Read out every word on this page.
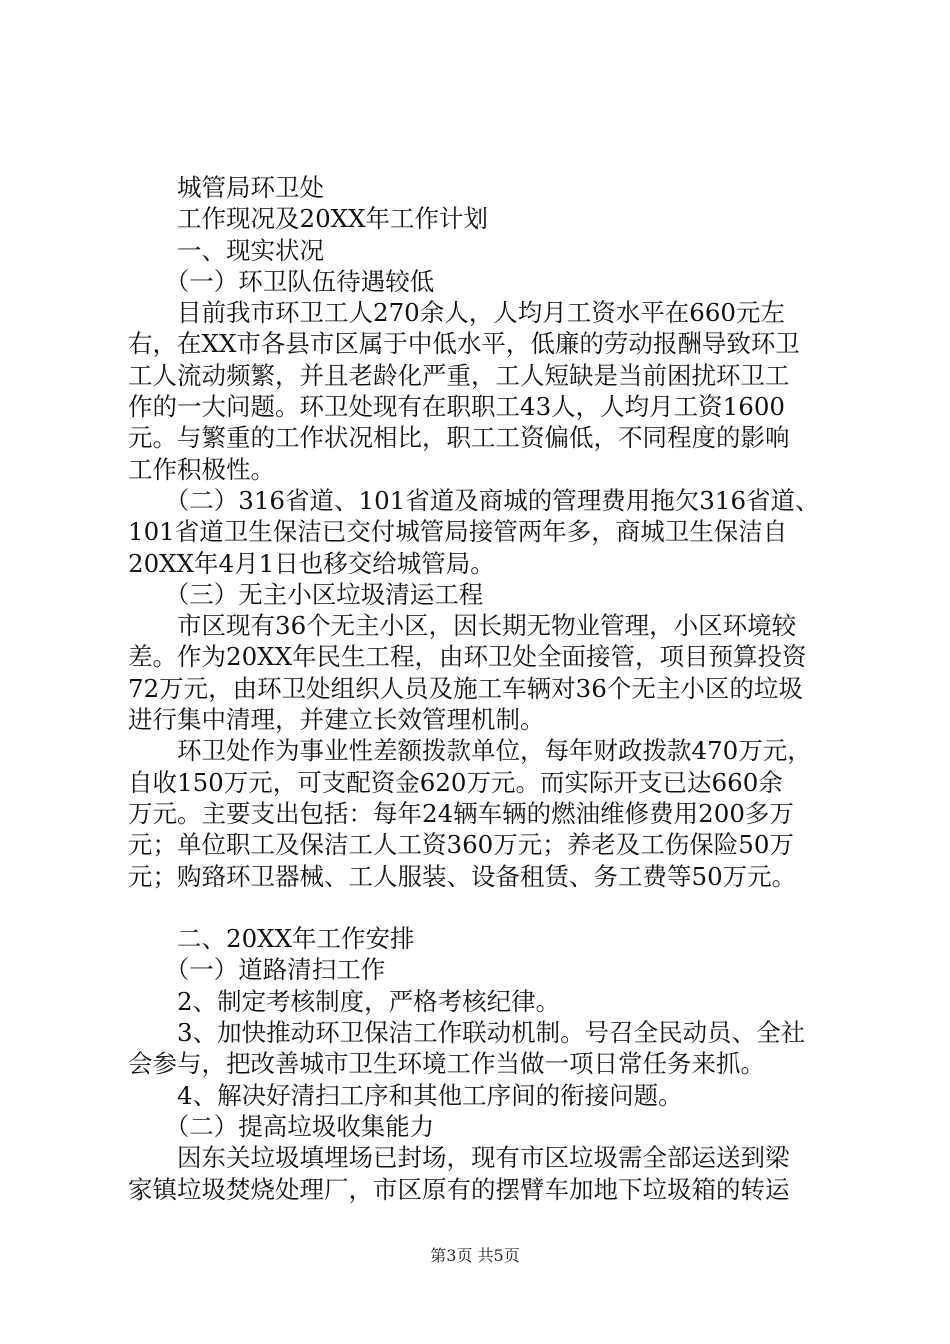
　　城管局环卫处

　　工作现况及20XX年工作计划

　　一、现实状况

　　（一）环卫队伍待遇较低

　　目前我市环卫工人270余人，人均月工资水平在660元左

右，在XX市各县市区属于中低水平，低廉的劳动报酬导致环卫

工人流动频繁，并且老龄化严重，工人短缺是当前困扰环卫工

作的一大问题。环卫处现有在职职工43人，人均月工资1600

元。与繁重的工作状况相比，职工工资偏低，不同程度的影响

工作积极性。

　　（二）316省道、101省道及商城的管理费用拖欠316省道、

101省道卫生保洁已交付城管局接管两年多，商城卫生保洁自

20XX年4月1日也移交给城管局。

　　（三）无主小区垃圾清运工程

　　市区现有36个无主小区，因长期无物业管理，小区环境较

差。作为20XX年民生工程，由环卫处全面接管，项目预算投资

72万元，由环卫处组织人员及施工车辆对36个无主小区的垃圾

进行集中清理，并建立长效管理机制。

　　环卫处作为事业性差额拨款单位，每年财政拨款470万元，

自收150万元，可支配资金620万元。而实际开支已达660余

万元。主要支出包括：每年24辆车辆的燃油维修费用200多万

元；单位职工及保洁工人工资360万元；养老及工伤保险50万

元；购臵环卫器械、工人服装、设备租赁、务工费等50万元。

　　二、20XX年工作安排

　　（一）道路清扫工作

　　2、制定考核制度，严格考核纪律。

　　3、加快推动环卫保洁工作联动机制。号召全民动员、全社

会参与，把改善城市卫生环境工作当做一项日常任务来抓。

　　4、解决好清扫工序和其他工序间的衔接问题。

　　（二）提高垃圾收集能力

　　因东关垃圾填埋场已封场，现有市区垃圾需全部运送到梁

家镇垃圾焚烧处理厂，市区原有的摆臂车加地下垃圾箱的转运

第3页 共5页
